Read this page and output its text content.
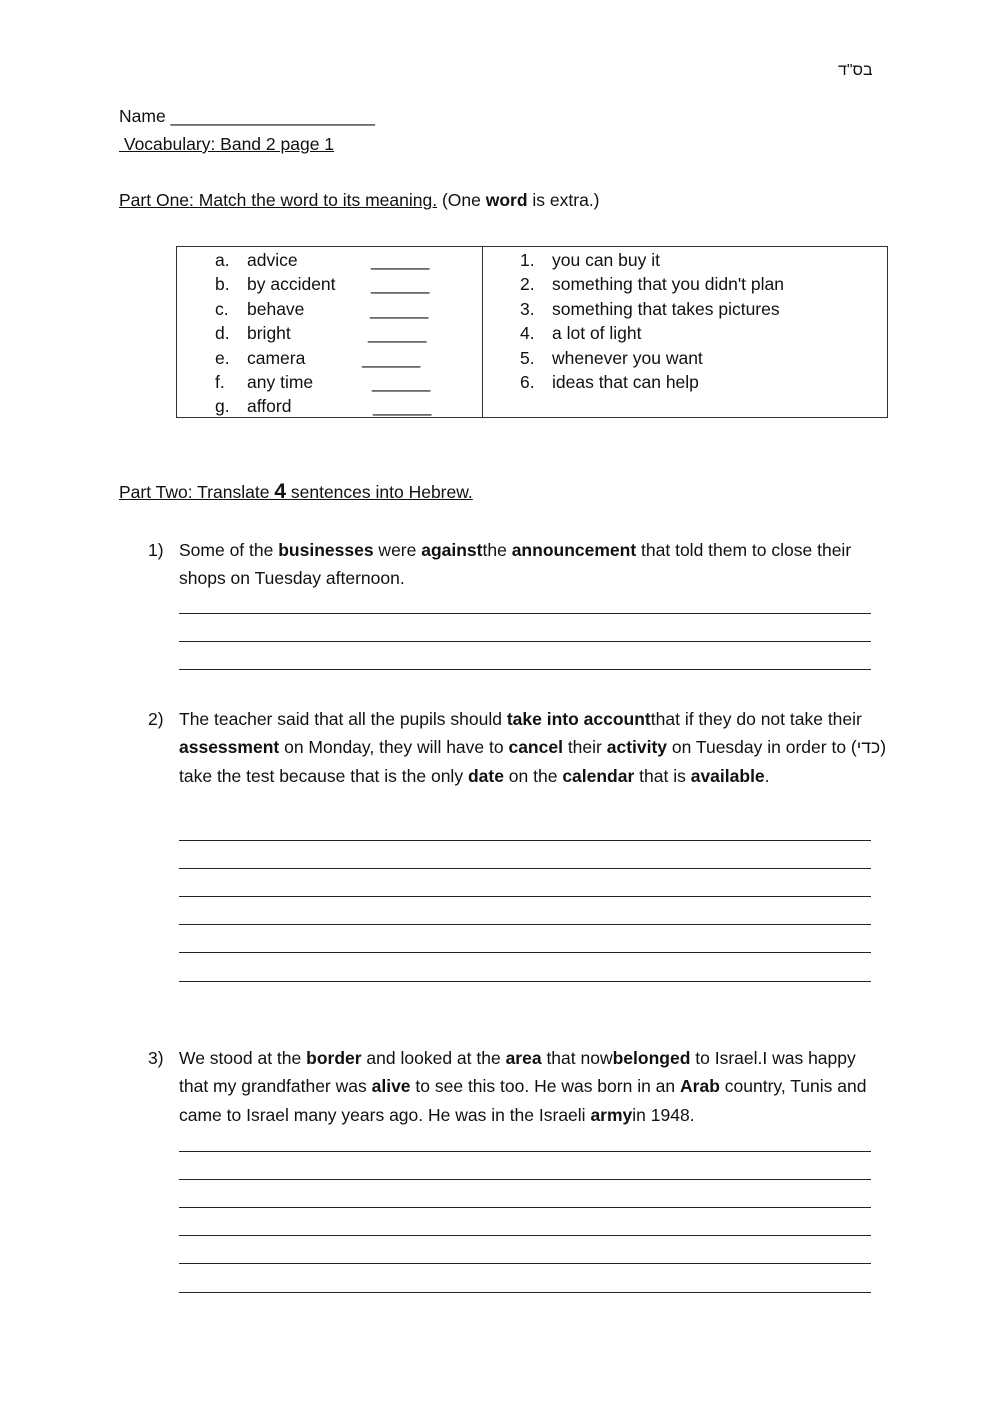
בס"ד
Name _____________________
Vocabulary: Band 2 page 1
Part One: Match the word to its meaning. (One word is extra.)
a. advice	______
b. by accident ______
c. behave	______
d. bright	______
e. camera	______
f. any time	______
g. afford	______
1. you can buy it
2. something that you didn't plan
3. something that takes pictures
4. a lot of light
5. whenever you want
6. ideas that can help
Part Two: Translate 4 sentences into Hebrew.
1) Some of the businesses were againstthe announcement that told them to close their shops on Tuesday afternoon.
2) The teacher said that all the pupils should take into accountthat if they do not take their assessment on Monday, they will have to cancel their activity on Tuesday in order to (כדי) take the test because that is the only date on the calendar that is available.
3) We stood at the border and looked at the area that nowbelonged to Israel.I was happy that my grandfather was alive to see this too. He was born in an Arab country, Tunis and came to Israel many years ago. He was in the Israeli armyin 1948.
